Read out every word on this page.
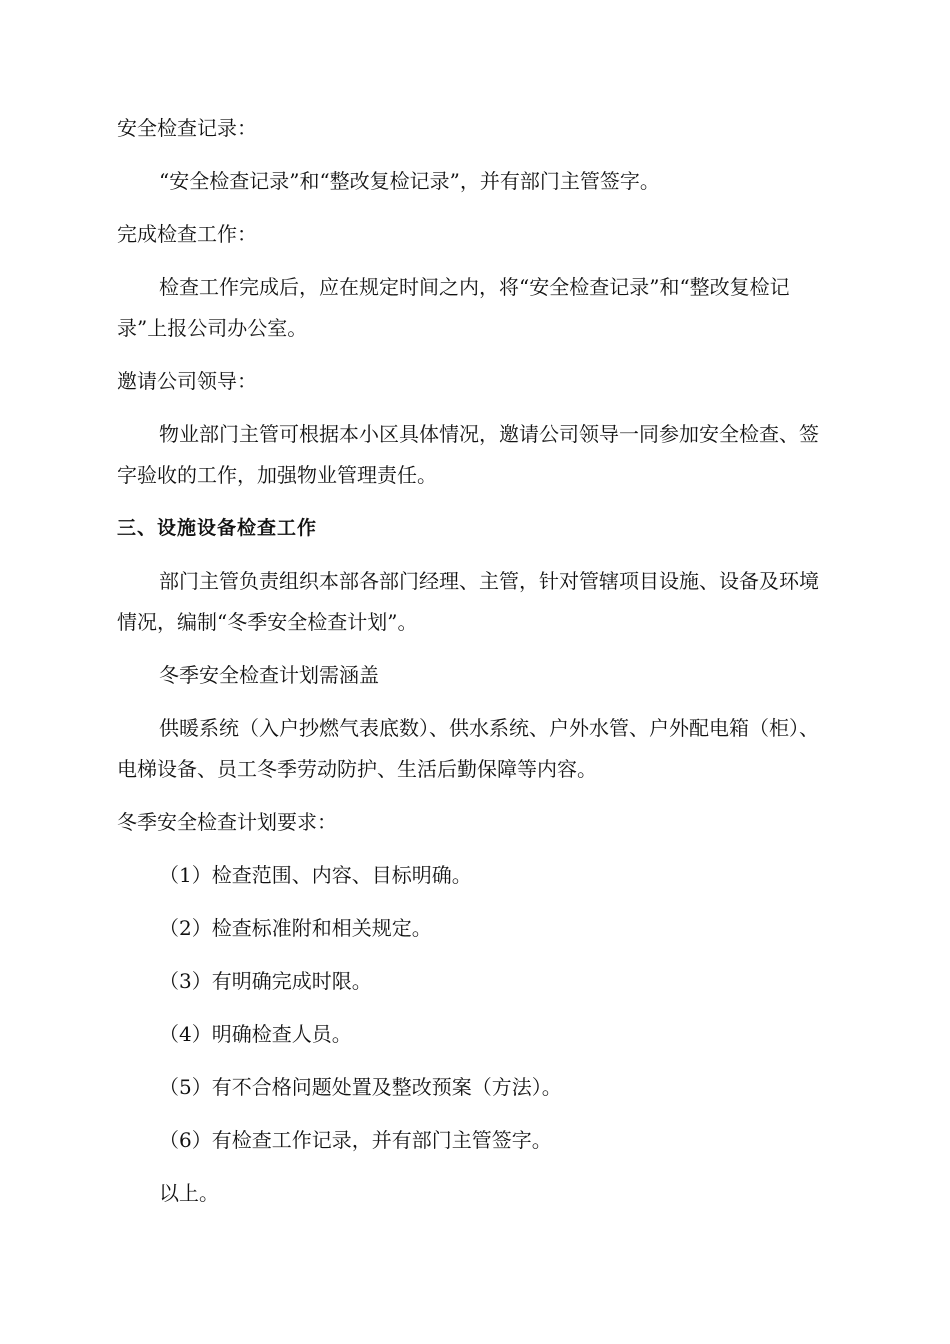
安全检查记录：

“安全检查记录”和“整改复检记录”，并有部门主管签字。

完成检查工作：

检查工作完成后，应在规定时间之内，将“安全检查记录”和“整改复检记录”上报公司办公室。

邀请公司领导：

物业部门主管可根据本小区具体情况，邀请公司领导一同参加安全检查、签字验收的工作，加强物业管理责任。

三、设施设备检查工作

部门主管负责组织本部各部门经理、主管，针对管辖项目设施、设备及环境情况，编制“冬季安全检查计划”。

冬季安全检查计划需涵盖

供暖系统（入户抄燃气表底数）、供水系统、户外水管、户外配电箱（柜）、电梯设备、员工冬季劳动防护、生活后勤保障等内容。

冬季安全检查计划要求：

（1）检查范围、内容、目标明确。

（2）检查标准附和相关规定。

（3）有明确完成时限。

（4）明确检查人员。

（5）有不合格问题处置及整改预案（方法）。

（6）有检查工作记录，并有部门主管签字。

以上。
